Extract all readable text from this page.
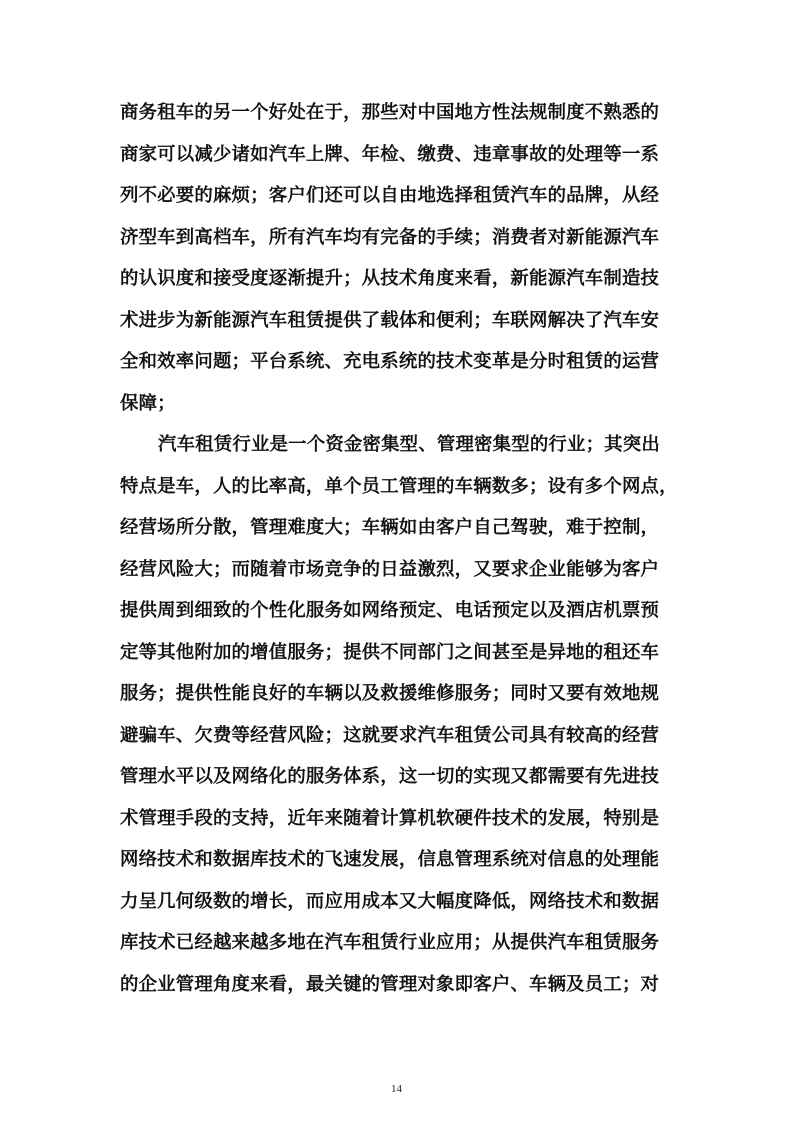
商务租车的另一个好处在于，那些对中国地方性法规制度不熟悉的
商家可以减少诸如汽车上牌、年检、缴费、违章事故的处理等一系
列不必要的麻烦；客户们还可以自由地选择租赁汽车的品牌，从经
济型车到高档车，所有汽车均有完备的手续；消费者对新能源汽车
的认识度和接受度逐渐提升；从技术角度来看，新能源汽车制造技
术进步为新能源汽车租赁提供了载体和便利；车联网解决了汽车安
全和效率问题；平台系统、充电系统的技术变革是分时租赁的运营
保障；
汽车租赁行业是一个资金密集型、管理密集型的行业；其突出
特点是车，人的比率高，单个员工管理的车辆数多；设有多个网点，
经营场所分散，管理难度大；车辆如由客户自己驾驶，难于控制，
经营风险大；而随着市场竞争的日益激烈，又要求企业能够为客户
提供周到细致的个性化服务如网络预定、电话预定以及酒店机票预
定等其他附加的增值服务；提供不同部门之间甚至是异地的租还车
服务；提供性能良好的车辆以及救援维修服务；同时又要有效地规
避骗车、欠费等经营风险；这就要求汽车租赁公司具有较高的经营
管理水平以及网络化的服务体系，这一切的实现又都需要有先进技
术管理手段的支持，近年来随着计算机软硬件技术的发展，特别是
网络技术和数据库技术的飞速发展，信息管理系统对信息的处理能
力呈几何级数的增长，而应用成本又大幅度降低，网络技术和数据
库技术已经越来越多地在汽车租赁行业应用；从提供汽车租赁服务
的企业管理角度来看，最关键的管理对象即客户、车辆及员工；对
14
